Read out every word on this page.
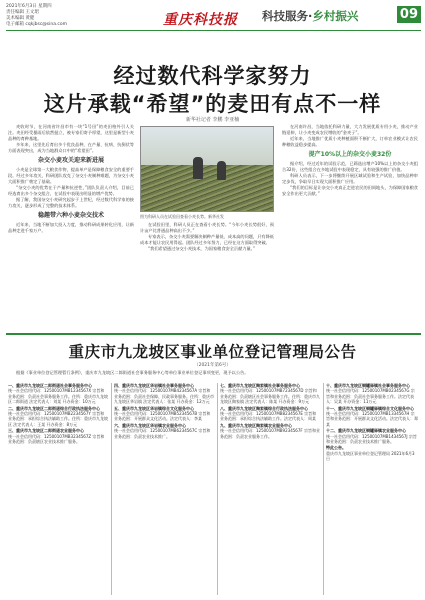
2021年6月3日 星期四
责任编辑 王文珺
美术编辑 黄健
电子邮箱 cqkjbsc@sina.com	重庆科技报 科技服务·乡村振兴	09
经过数代科学家努力
这片承载“希望”的麦田有点不一样
新华社记者 李鹏 李亚楠

麦收时节，在河南省许昌市有一块“1号田”的麦田格外引人关注。麦田经受暴雨后依然挺立，被专家们寄予厚望，这里是新型小麦品种的育种基地。

多年来，这里先后育出多个优良品种，在产量、抗病、抗倒伏等方面表现突出，成为当地群众口中的“希望田”。

杂交小麦攻关迎来新进展

小麦是全球第一大粮食作物，提高单产是保障粮食安全的重要手段。经过多年攻关，科研团队攻克了杂交小麦制种难题，为杂交小麦大面积推广奠定了基础。

“杂交小麦的优势在于产量和抗逆性，”团队负责人介绍，目前已经选育出多个杂交组合，在试验中表现出明显的增产优势。

据了解，我国杂交小麦研究起步于上世纪，经过数代科学家的接力攻关，逐步形成了完整的技术体系。

稳趣带六种小麦杂交技术

近年来，当地不断加大投入力度，推动科研成果转化应用，让新品种走进千家万户。

图为科研人员在试验田查看小麦长势。新华社发

在试验田里，科研人员正在查看小麦长势。“今年小麦长势很好，预计亩产比普通品种高出不少。”

专家表示，杂交小麦需要解决制种产量低、成本高的问题，只有降低成本才能让农民用得起。团队经过多年努力，已经在这方面取得突破。

“我们希望通过杂交小麦技术，为国家粮食安全贡献力量。”

在河南许昌，当地依托科研力量，大力发展优质专用小麦，推动产业链延伸，让小麦变成农民增收的“金麦子”。

近年来，当地推广优质小麦种植面积不断扩大，订单农业模式让农民种粮收益稳步提高。

提产10%以上的杂交小麦32份

据介绍，经过近年的试验示范，已筛选出增产10%以上的杂交小麦组合32份，这些组合在多地试验中表现稳定，具有较强的推广价值。

科研人员表示，下一步将继续开展区域试验和生产试验，加快品种审定步伐，争取早日实现大面积推广应用。

“我们的目标是让杂交小麦真正走进农民的田间地头，为保障国家粮食安全作出更大贡献。”

重庆市九龙坡区事业单位登记管理局公告
（2021年第6号）
根据《事业单位登记管理暂行条例》，重庆市九龙坡区二郎街道社会事务服务中心等单位事业单位登记事项变更，现予以公告。
一、重庆市九龙坡区二郎街道社会事务服务中心
统一社会信用代码：12500107MB1234567X 宗旨和业务范围：负责社会事务服务工作。住所：重庆市九龙坡区二郎街道 法定代表人：刘某 开办资金：10万元
二、重庆市九龙坡区二郎街道综合行政执法服务中心
统一社会信用代码：12500107MB2234567Y 宗旨和业务范围：承担综合执法辅助工作。住所：重庆市九龙坡区 法定代表人：王某 开办资金：8万元
三、重庆市九龙坡区二郎街道农业服务中心
统一社会信用代码：12500107MB3234567Z 宗旨和业务范围：负责辖区农业技术推广服务。
四、重庆市九龙坡区华岩镇社会事务服务中心
统一社会信用代码：12500107MB4234567A 宗旨和业务范围：负责社会保障、民政事务服务。住所：重庆市九龙坡区华岩镇 法定代表人：张某 开办资金：12万元
五、重庆市九龙坡区华岩镇综合文化服务中心
统一社会信用代码：12500107MB5234567B 宗旨和业务范围：开展群众文化活动。法定代表人：李某
六、重庆市九龙坡区华岩镇农业服务中心
统一社会信用代码：12500107MB6234567C 宗旨和业务范围：负责农业技术推广。
七、重庆市九龙坡区陶家镇社会事务服务中心
统一社会信用代码：12500107MB7234567D 宗旨和业务范围：负责辖区社会事务服务工作。住所：重庆市九龙坡区陶家镇 法定代表人：陈某 开办资金：9万元
八、重庆市九龙坡区陶家镇综合行政执法服务中心
统一社会信用代码：12500107MB8234567E 宗旨和业务范围：承担综合执法辅助工作。法定代表人：周某
九、重庆市九龙坡区陶家镇农业服务中心
统一社会信用代码：12500107MB9234567F 宗旨和业务范围：负责农业服务工作。
十、重庆市九龙坡区铜罐驿镇社会事务服务中心
统一社会信用代码：12500107MB0234567G 宗旨和业务范围：负责社会事务服务工作。法定代表人：吴某 开办资金：11万元
十一、重庆市九龙坡区铜罐驿镇综合文化服务中心
统一社会信用代码：12500107MB1334567H 宗旨和业务范围：开展群众文化活动。法定代表人：郑某
十二、重庆市九龙坡区铜罐驿镇农业服务中心
统一社会信用代码：12500107MB1434567J 宗旨和业务范围：负责农业技术推广服务。
特此公告。
重庆市九龙坡区事业单位登记管理局 2021年6月3日
